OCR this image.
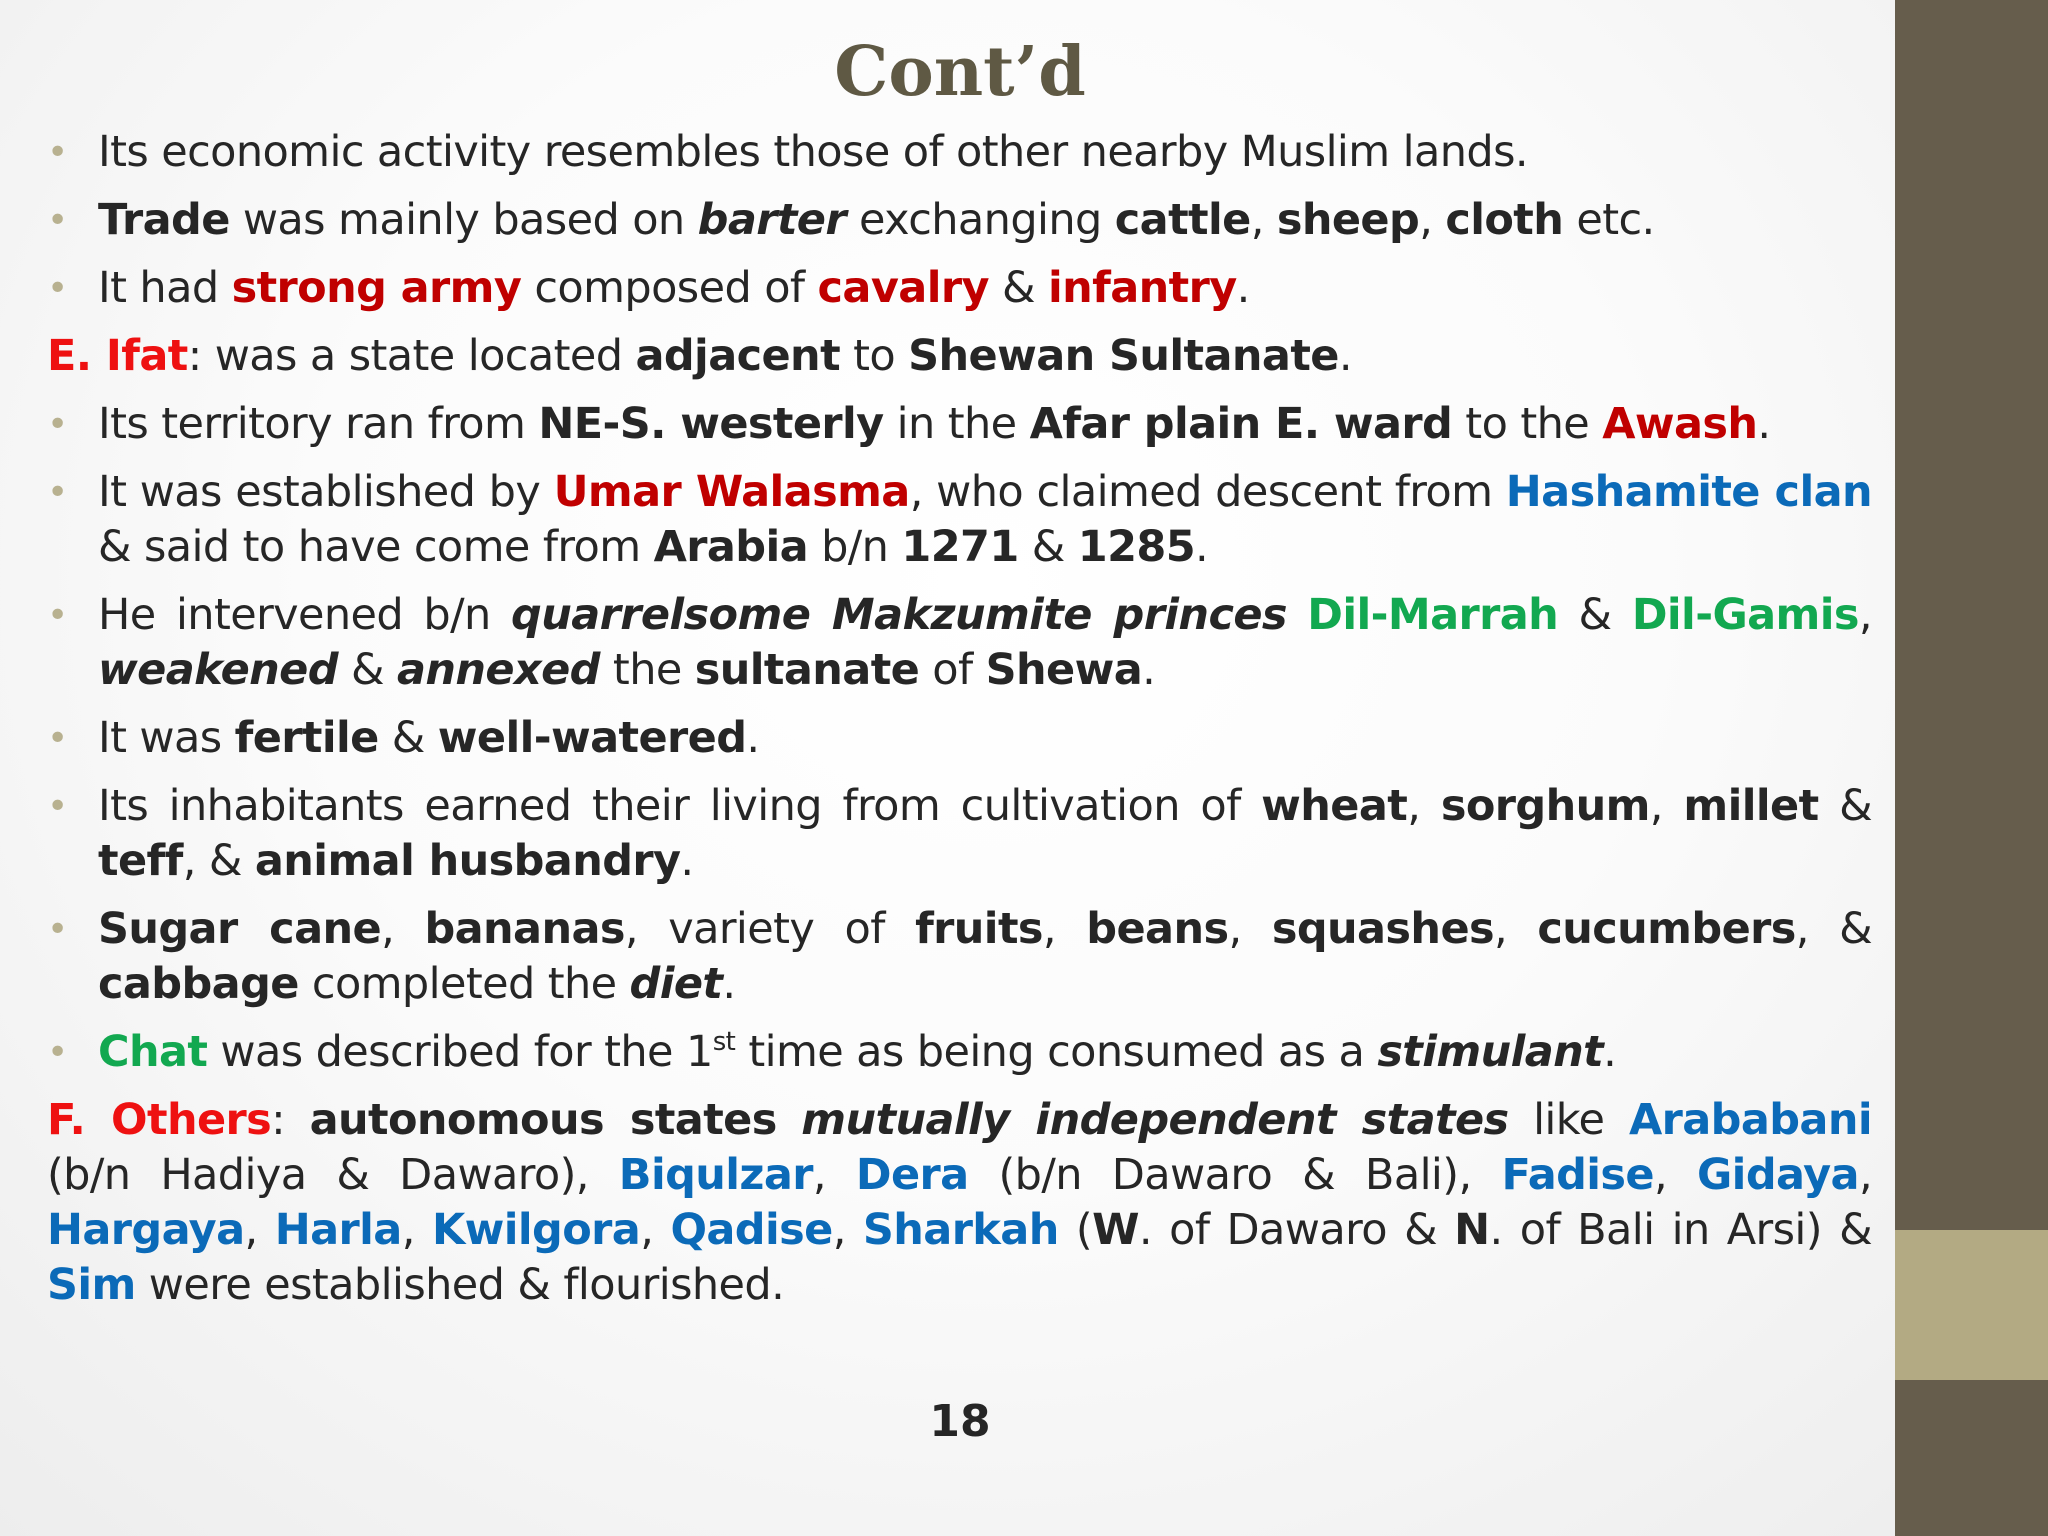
Cont’d
• Its economic activity resembles those of other nearby Muslim lands.
• Trade was mainly based on barter exchanging cattle, sheep, cloth etc.
• It had strong army composed of cavalry & infantry.
E. Ifat: was a state located adjacent to Shewan Sultanate.
• Its territory ran from NE-S. westerly in the Afar plain E. ward to the Awash.
• It was established by Umar Walasma, who claimed descent from Hashamite clan & said to have come from Arabia b/n 1271 & 1285.
• He intervened b/n quarrelsome Makzumite princes Dil-Marrah & Dil-Gamis, weakened & annexed the sultanate of Shewa.
• It was fertile & well-watered.
• Its inhabitants earned their living from cultivation of wheat, sorghum, millet & teff, & animal husbandry.
• Sugar cane, bananas, variety of fruits, beans, squashes, cucumbers, & cabbage completed the diet.
• Chat was described for the 1st time as being consumed as a stimulant.
F. Others: autonomous states mutually independent states like Arababani (b/n Hadiya & Dawaro), Biqulzar, Dera (b/n Dawaro & Bali), Fadise, Gidaya, Hargaya, Harla, Kwilgora, Qadise, Sharkah (W. of Dawaro & N. of Bali in Arsi) & Sim were established & flourished.
18
